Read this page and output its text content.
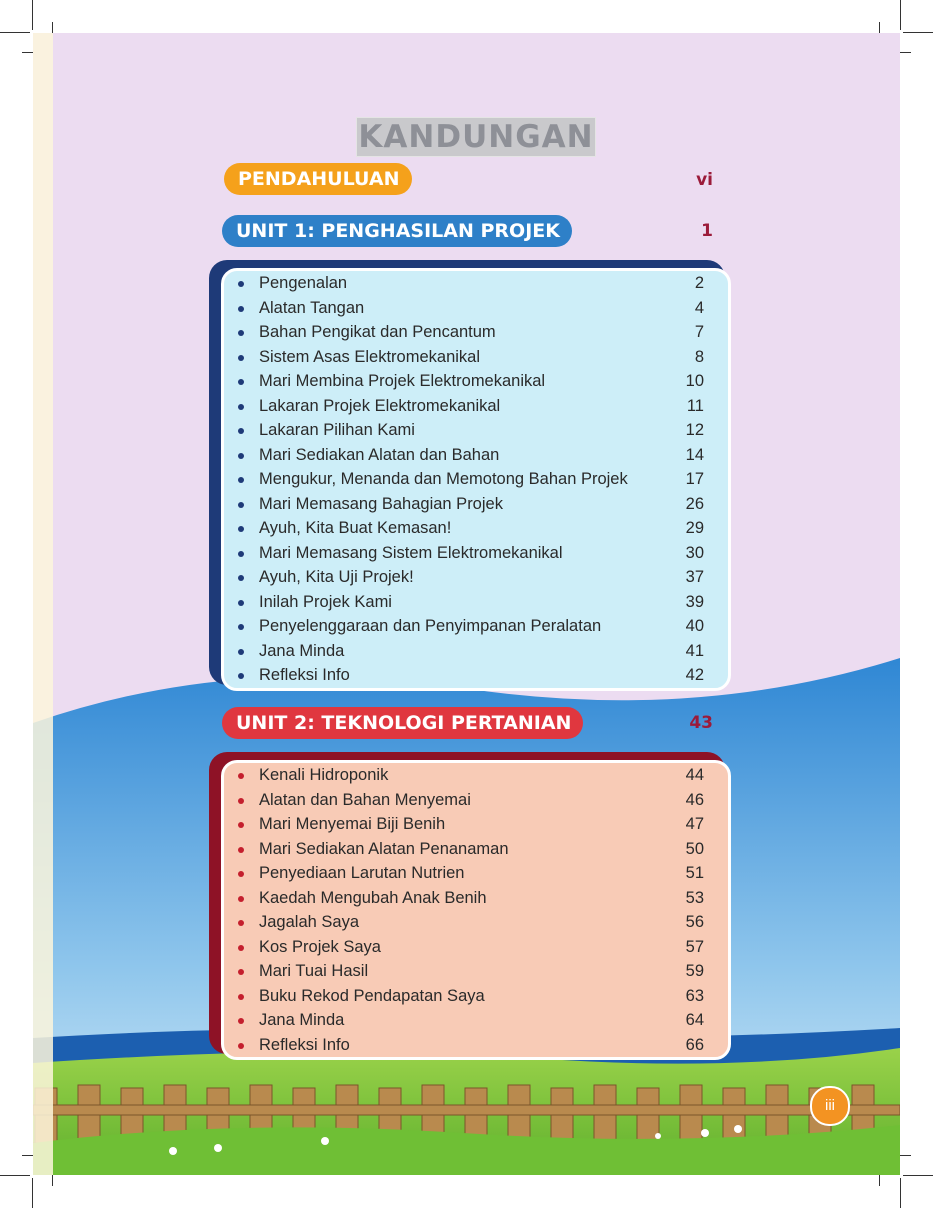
KANDUNGAN
PENDAHULUAN	vi
UNIT 1: PENGHASILAN PROJEK	1
Pengenalan	2
Alatan Tangan	4
Bahan Pengikat dan Pencantum	7
Sistem Asas Elektromekanikal	8
Mari Membina Projek Elektromekanikal	10
Lakaran Projek Elektromekanikal	11
Lakaran Pilihan Kami	12
Mari Sediakan Alatan dan Bahan	14
Mengukur, Menanda dan Memotong Bahan Projek	17
Mari Memasang Bahagian Projek	26
Ayuh, Kita Buat Kemasan!	29
Mari Memasang Sistem Elektromekanikal	30
Ayuh, Kita Uji Projek!	37
Inilah Projek Kami	39
Penyelenggaraan dan Penyimpanan Peralatan	40
Jana Minda	41
Refleksi Info	42
UNIT 2: TEKNOLOGI PERTANIAN	43
Kenali Hidroponik	44
Alatan dan Bahan Menyemai	46
Mari Menyemai Biji Benih	47
Mari Sediakan Alatan Penanaman	50
Penyediaan Larutan Nutrien	51
Kaedah Mengubah Anak Benih	53
Jagalah Saya	56
Kos Projek Saya	57
Mari Tuai Hasil	59
Buku Rekod Pendapatan Saya	63
Jana Minda	64
Refleksi Info	66
iii
